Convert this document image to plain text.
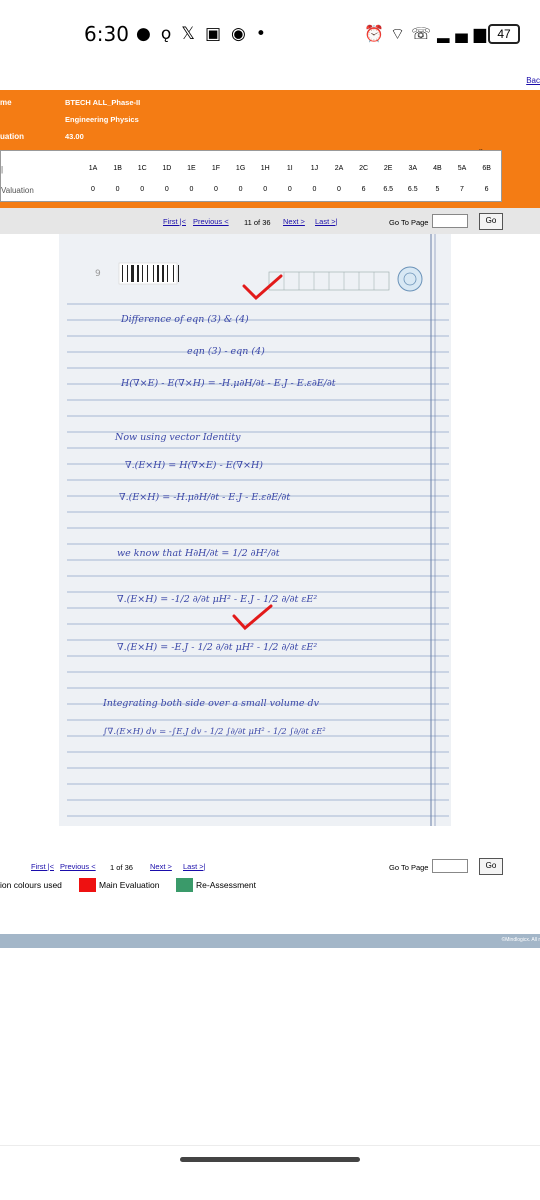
6:30 ●ǫ𝕏▣◉•	⏰⌔☏▂▄▆ 47
Bac
me	BTECH ALL_Phase-II
Engineering Physics
uation	43.00
|
Valuation
1A	1B	1C	1D	1E	1F	1G	1H	1I	1J	2A	2C	2E	3A	4B	5A	6B
0	0	0	0	0	0	0	0	0	0	0	6	6.5	6.5	5	7	6
First |< Previous < 11 of 36 Next > Last >|	Go To Page	Go
9
Difference of eqn (3) & (4)
eqn (3) - eqn (4)
H(∇×E) - E(∇×H) = -H.μ∂H/∂t - E.J - E.ε∂E/∂t
Now using vector Identity
∇.(E×H) = H(∇×E) - E(∇×H)
∇.(E×H) = -H.μ∂H/∂t - E.J - E.ε∂E/∂t
we know that H∂H/∂t = 1/2 ∂H²/∂t
∇.(E×H) = -1/2 ∂/∂t μH² - E.J - 1/2 ∂/∂t εE²
∇.(E×H) = -E.J - 1/2 ∂/∂t μH² - 1/2 ∂/∂t εE²
Integrating both side over a small volume dv
∫∇.(E×H) dv = -∫E.J dv - 1/2 ∫∂/∂t μH² - 1/2 ∫∂/∂t εE²
First |< Previous < 1 of 36 Next > Last >|	Go To Page	Go
ion colours used	Main Evaluation	Re-Assessment
©Mindlogicx. All r
